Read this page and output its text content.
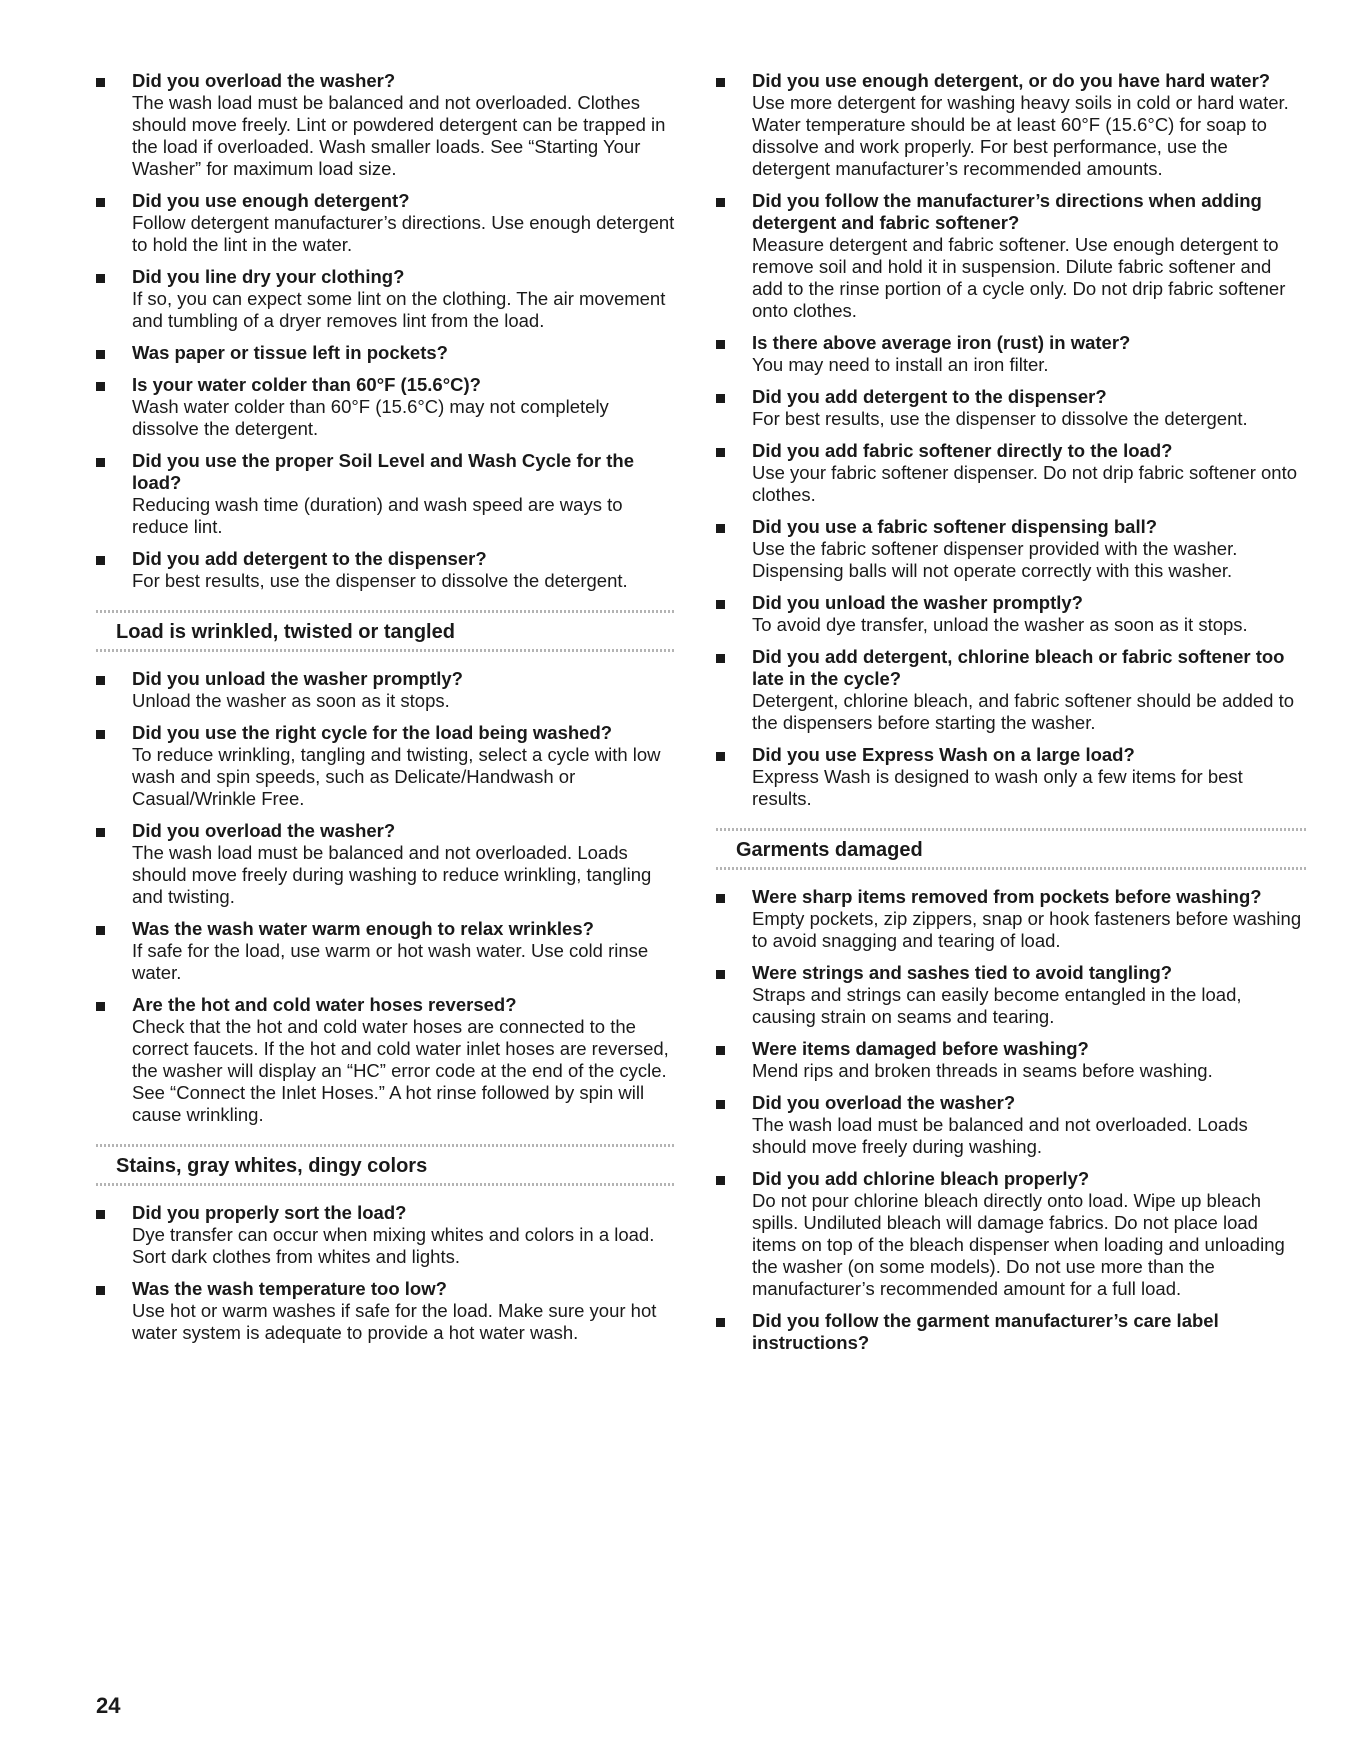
Did you overload the washer?

The wash load must be balanced and not overloaded. Clothes should move freely. Lint or powdered detergent can be trapped in the load if overloaded. Wash smaller loads. See “Starting Your Washer” for maximum load size.

Did you use enough detergent?

Follow detergent manufacturer’s directions. Use enough detergent to hold the lint in the water.

Did you line dry your clothing?

If so, you can expect some lint on the clothing. The air movement and tumbling of a dryer removes lint from the load.

Was paper or tissue left in pockets?

Is your water colder than 60°F (15.6°C)?

Wash water colder than 60°F (15.6°C) may not completely dissolve the detergent.

Did you use the proper Soil Level and Wash Cycle for the load?

Reducing wash time (duration) and wash speed are ways to reduce lint.

Did you add detergent to the dispenser?

For best results, use the dispenser to dissolve the detergent.

Load is wrinkled, twisted or tangled

Did you unload the washer promptly?

Unload the washer as soon as it stops.

Did you use the right cycle for the load being washed?

To reduce wrinkling, tangling and twisting, select a cycle with low wash and spin speeds, such as Delicate/Handwash or Casual/Wrinkle Free.

Did you overload the washer?

The wash load must be balanced and not overloaded. Loads should move freely during washing to reduce wrinkling, tangling and twisting.

Was the wash water warm enough to relax wrinkles?

If safe for the load, use warm or hot wash water. Use cold rinse water.

Are the hot and cold water hoses reversed?

Check that the hot and cold water hoses are connected to the correct faucets. If the hot and cold water inlet hoses are reversed, the washer will display an “HC” error code at the end of the cycle. See “Connect the Inlet Hoses.” A hot rinse followed by spin will cause wrinkling.

Stains, gray whites, dingy colors

Did you properly sort the load?

Dye transfer can occur when mixing whites and colors in a load. Sort dark clothes from whites and lights.

Was the wash temperature too low?

Use hot or warm washes if safe for the load. Make sure your hot water system is adequate to provide a hot water wash.

Did you use enough detergent, or do you have hard water?

Use more detergent for washing heavy soils in cold or hard water. Water temperature should be at least 60°F (15.6°C) for soap to dissolve and work properly. For best performance, use the detergent manufacturer’s recommended amounts.

Did you follow the manufacturer’s directions when adding detergent and fabric softener?

Measure detergent and fabric softener. Use enough detergent to remove soil and hold it in suspension. Dilute fabric softener and add to the rinse portion of a cycle only. Do not drip fabric softener onto clothes.

Is there above average iron (rust) in water?

You may need to install an iron filter.

Did you add detergent to the dispenser?

For best results, use the dispenser to dissolve the detergent.

Did you add fabric softener directly to the load?

Use your fabric softener dispenser. Do not drip fabric softener onto clothes.

Did you use a fabric softener dispensing ball?

Use the fabric softener dispenser provided with the washer. Dispensing balls will not operate correctly with this washer.

Did you unload the washer promptly?

To avoid dye transfer, unload the washer as soon as it stops.

Did you add detergent, chlorine bleach or fabric softener too late in the cycle?

Detergent, chlorine bleach, and fabric softener should be added to the dispensers before starting the washer.

Did you use Express Wash on a large load?

Express Wash is designed to wash only a few items for best results.

Garments damaged

Were sharp items removed from pockets before washing?

Empty pockets, zip zippers, snap or hook fasteners before washing to avoid snagging and tearing of load.

Were strings and sashes tied to avoid tangling?

Straps and strings can easily become entangled in the load, causing strain on seams and tearing.

Were items damaged before washing?

Mend rips and broken threads in seams before washing.

Did you overload the washer?

The wash load must be balanced and not overloaded. Loads should move freely during washing.

Did you add chlorine bleach properly?

Do not pour chlorine bleach directly onto load. Wipe up bleach spills. Undiluted bleach will damage fabrics. Do not place load items on top of the bleach dispenser when loading and unloading the washer (on some models). Do not use more than the manufacturer’s recommended amount for a full load.

Did you follow the garment manufacturer’s care label instructions?

24
